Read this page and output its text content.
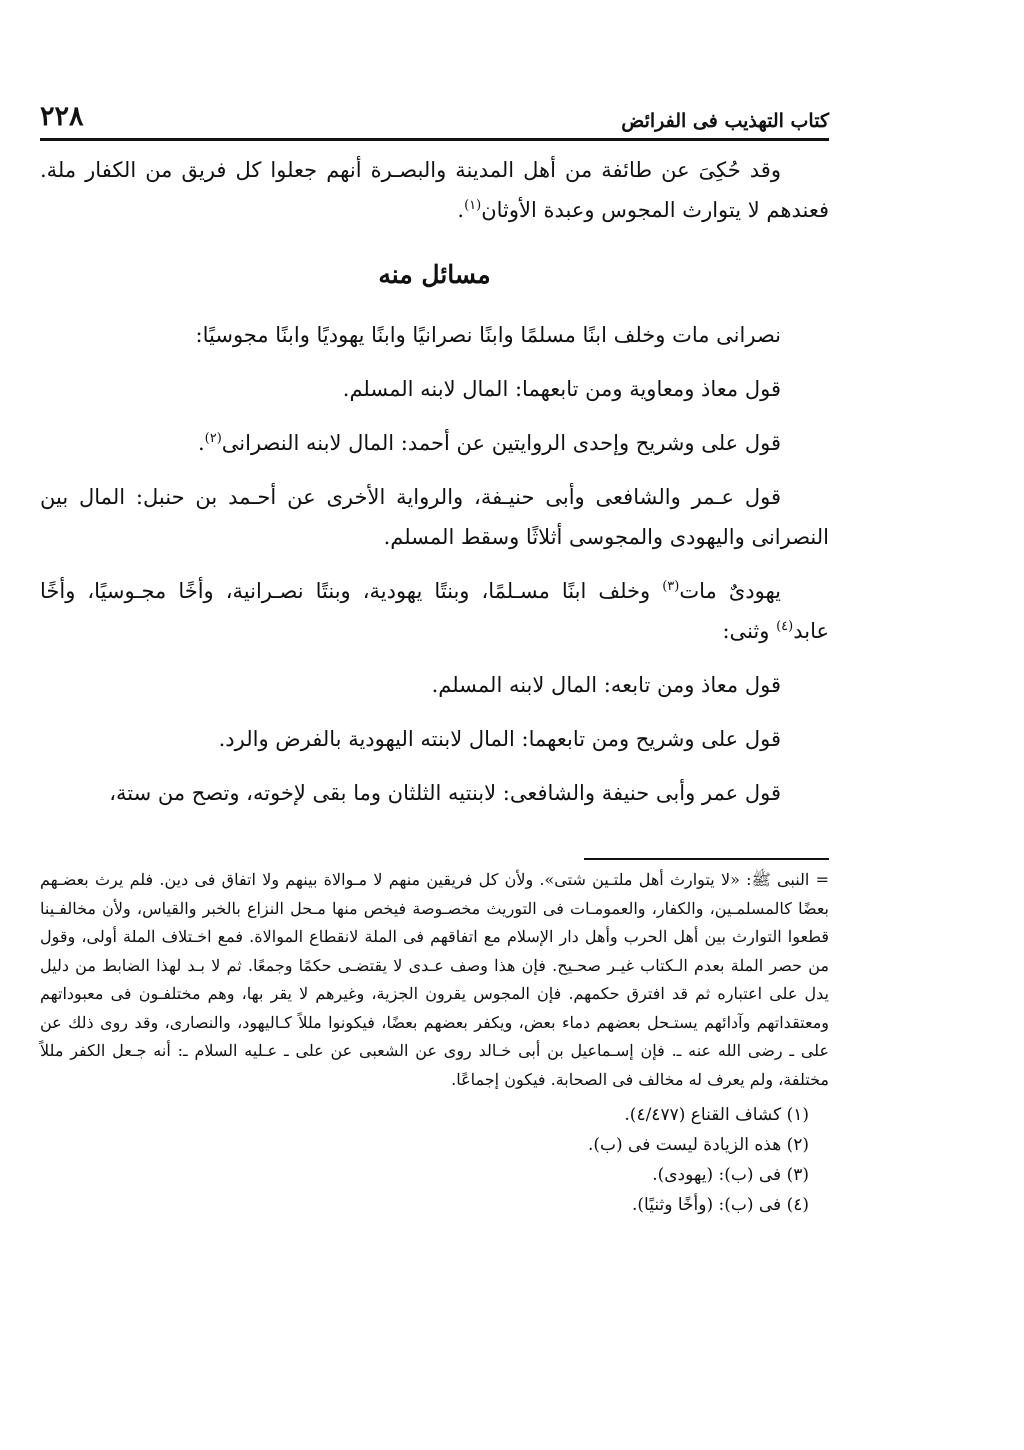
كتاب التهذيب فى الفرائض
٢٢٨

وقد حُكِىَ عن طائفة من أهل المدينة والبصـرة أنهم جعلوا كل فريق من الكفار ملة. فعندهم لا يتوارث المجوس وعبدة الأوثان$^{(١)}$.

مسائل منه

نصرانى مات وخلف ابنًا مسلمًا وابنًا نصرانيًا وابنًا يهوديًا وابنًا مجوسيًا:

قول معاذ ومعاوية ومن تابعهما: المال لابنه المسلم.

قول على وشريح وإحدى الروايتين عن أحمد: المال لابنه النصرانى$^{(٢)}$.

قول عـمر والشافعى وأبى حنيـفة، والرواية الأخرى عن أحـمد بن حنبل: المال بين النصرانى واليهودى والمجوسى أثلاثًا وسقط المسلم.

يهودىٌ مات$^{(٣)}$ وخلف ابنًا مسـلمًا، وبنتًا يهودية، وبنتًا نصـرانية، وأخًا مجـوسيًا، وأخًا عابد$^{(٤)}$ وثنى:

قول معاذ ومن تابعه: المال لابنه المسلم.

قول على وشريح ومن تابعهما: المال لابنته اليهودية بالفرض والرد.

قول عمر وأبى حنيفة والشافعى: لابنتيه الثلثان وما بقى لإخوته، وتصح من ستة،

= النبى ﷺ: «لا يتوارث أهل ملتـين شتى». ولأن كل فريقين منهم لا مـوالاة بينهم ولا اتفاق فى دين. فلم يرث بعضـهم بعضًا كالمسلمـين، والكفار، والعمومـات فى التوريث مخصـوصة فيخص منها مـحل النزاع بالخبر والقياس، ولأن مخالفـينا قطعوا التوارث بين أهل الحرب وأهل دار الإسلام مع اتفاقهم فى الملة لانقطاع الموالاة. فمع اخـتلاف الملة أولى، وقول من حصر الملة بعدم الـكتاب غيـر صحـيح. فإن هذا وصف عـدى لا يقتضـى حكمًا وجمعًا. ثم لا بـد لهذا الضابط من دليل يدل على اعتباره ثم قد افترق حكمهم. فإن المجوس يقرون الجزية، وغيرهم لا يقر بها، وهم مختلفـون فى معبوداتهم ومعتقداتهم وآدائهم يستـحل بعضهم دماء بعض، ويكفر بعضهم بعضًا، فيكونوا مللاً كـاليهود، والنصارى، وقد روى ذلك عن على ـ رضى الله عنه ـ. فإن إسـماعيل بن أبى خـالد روى عن الشعبى عن على ـ عـليه السلام ـ: أنه جـعل الكفر مللاً مختلفة، ولم يعرف له مخالف فى الصحابة. فيكون إجماعًا.

(١) كشاف القناع (٤/٤٧٧).

(٢) هذه الزيادة ليست فى (ب).

(٣) فى (ب): (يهودى).

(٤) فى (ب): (وأخًا وثنيًا).
